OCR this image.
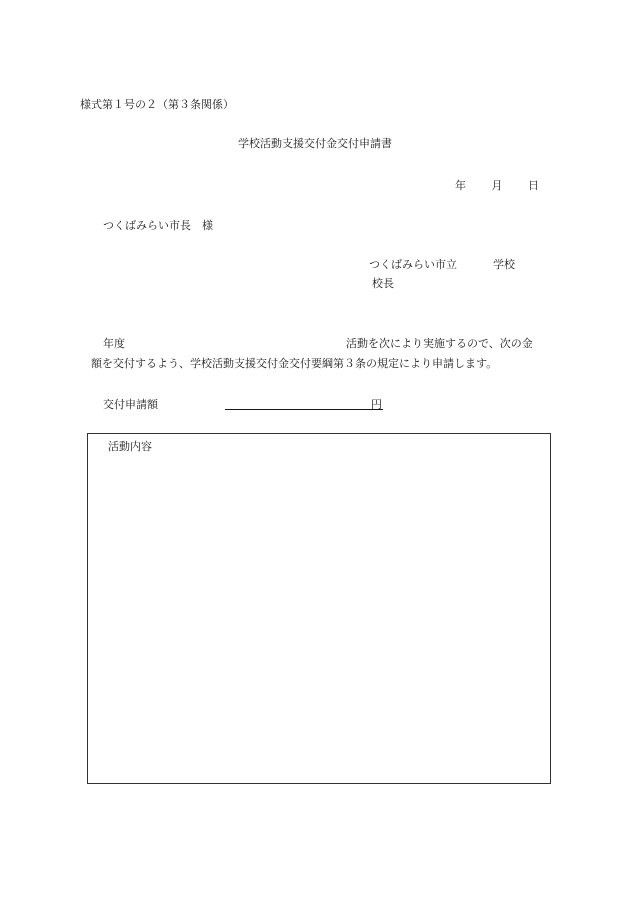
様式第１号の２（第３条関係）
学校活動支援交付金交付申請書
年 月 日
つくばみらい市長　様
つくばみらい市立	学校
校長
年度	活動を次により実施するので、次の金
額を交付するよう、学校活動支援交付金交付要綱第３条の規定により申請します。
交付申請額	円
活動内容
